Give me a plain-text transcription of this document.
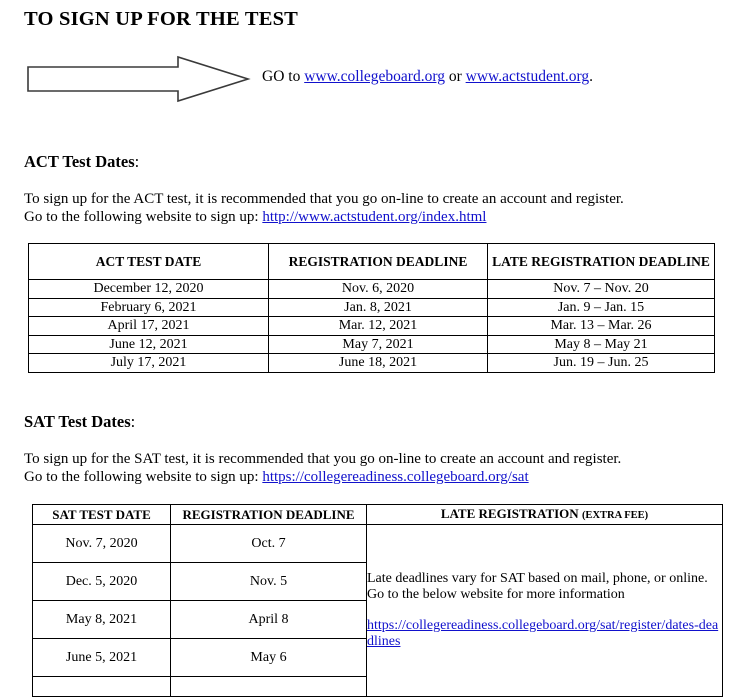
TO SIGN UP FOR THE TEST
GO to www.collegeboard.org or www.actstudent.org.
ACT Test Dates:
To sign up for the ACT test, it is recommended that you go on-line to create an account and register.
Go to the following website to sign up: http://www.actstudent.org/index.html
ACT TEST DATE	REGISTRATION DEADLINE	LATE REGISTRATION DEADLINE
December 12, 2020	Nov. 6, 2020	Nov. 7 – Nov. 20
February 6, 2021	Jan. 8, 2021	Jan. 9 – Jan. 15
April 17, 2021	Mar. 12, 2021	Mar. 13 – Mar. 26
June 12, 2021	May 7, 2021	May 8 – May 21
July 17, 2021	June 18, 2021	Jun. 19 – Jun. 25
SAT Test Dates:
To sign up for the SAT test, it is recommended that you go on-line to create an account and register.
Go to the following website to sign up: https://collegereadiness.collegeboard.org/sat
SAT TEST DATE	REGISTRATION DEADLINE	LATE REGISTRATION (EXTRA FEE)
Nov. 7, 2020	Oct. 7	Late deadlines vary for SAT based on mail, phone, or online. Go to the below website for more information
https://collegereadiness.collegeboard.org/sat/register/dates-deadlines

Dec. 5, 2020	Nov. 5	
May 8, 2021	April 8	
June 5, 2021	May 6	
